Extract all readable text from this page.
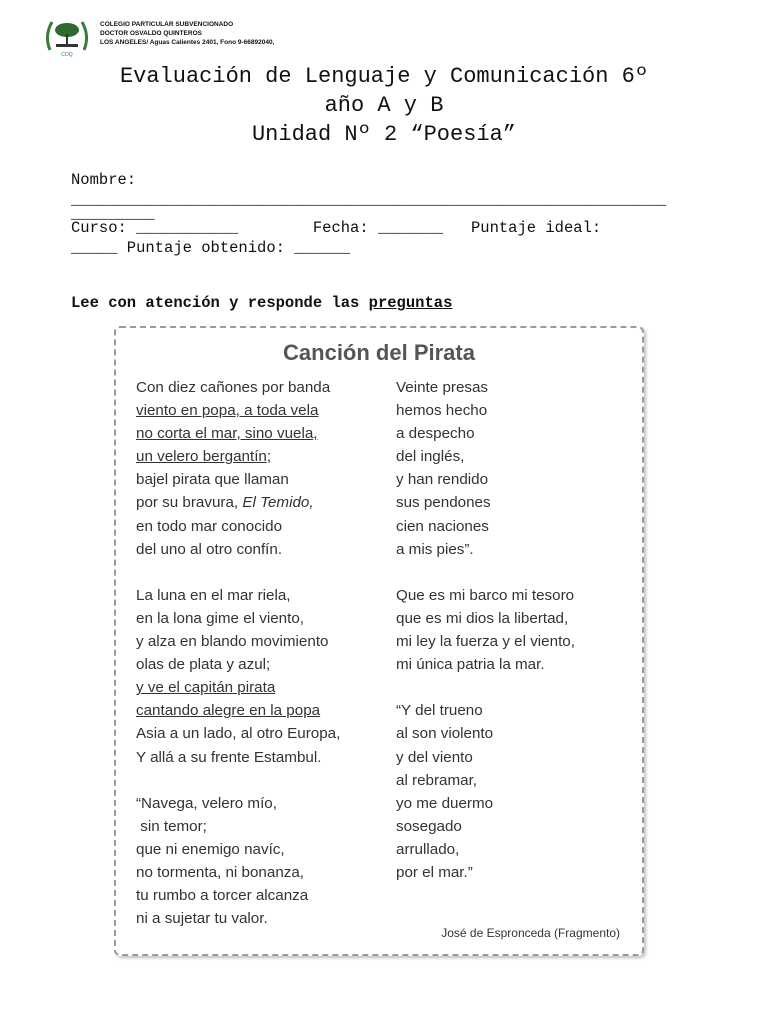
COQ
COLEGIO PARTICULAR SUBVENCIONADO
DOCTOR OSVALDO QUINTEROS
LOS ANGELES/ Aguas Calientes 2401, Fono 9-66892040,
Evaluación de Lenguaje y Comunicación 6º
año A y B
Unidad Nº 2 “Poesía”
Nombre:
________________________________________________________________
_________
Curso: ___________        Fecha: _______   Puntaje ideal:
_____ Puntaje obtenido: ______
Lee con atención y responde las preguntas
Canción del Pirata
Con diez cañones por banda
viento en popa, a toda vela
no corta el mar, sino vuela,
un velero bergantín;
bajel pirata que llaman
por su bravura, El Temido,
en todo mar conocido
del uno al otro confín.
La luna en el mar riela,
en la lona gime el viento,
y alza en blando movimiento
olas de plata y azul;
y ve el capitán pirata
cantando alegre en la popa
Asia a un lado, al otro Europa,
Y allá a su frente Estambul.
“Navega, velero mío,
sin temor;
que ni enemigo navíc,
no tormenta, ni bonanza,
tu rumbo a torcer alcanza
ni a sujetar tu valor.
Veinte presas
hemos hecho
a despecho
del inglés,
y han rendido
sus pendones
cien naciones
a mis pies”.
Que es mi barco mi tesoro
que es mi dios la libertad,
mi ley la fuerza y el viento,
mi única patria la mar.
“Y del trueno
al son violento
y del viento
al rebramar,
yo me duermo
sosegado
arrullado,
por el mar.”
José de Espronceda (Fragmento)
